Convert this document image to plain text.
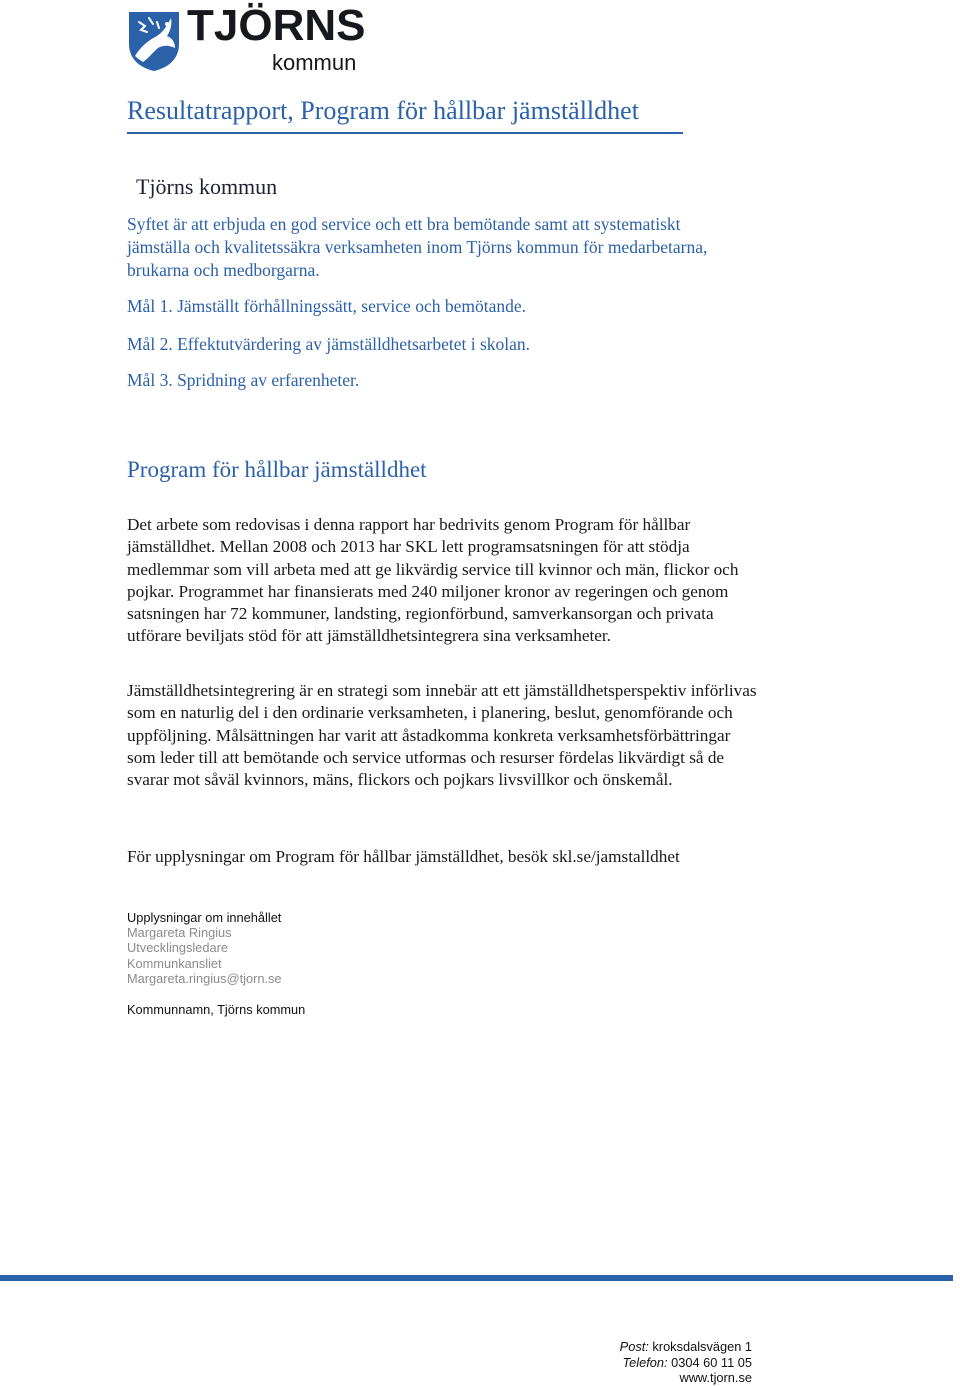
TJÖRNS
kommun
Resultatrapport, Program för hållbar jämställdhet
Tjörns kommun

Syftet är att erbjuda en god service och ett bra bemötande samt att systematiskt jämställa och kvalitetssäkra verksamheten inom Tjörns kommun för medarbetarna, brukarna och medborgarna.

Mål 1. Jämställt förhållningssätt, service och bemötande.
Mål 2. Effektutvärdering av jämställdhetsarbetet i skolan.
Mål 3. Spridning av erfarenheter.
Program för hållbar jämställdhet

Det arbete som redovisas i denna rapport har bedrivits genom Program för hållbar jämställdhet. Mellan 2008 och 2013 har SKL lett programsatsningen för att stödja medlemmar som vill arbeta med att ge likvärdig service till kvinnor och män, flickor och pojkar. Programmet har finansierats med 240 miljoner kronor av regeringen och genom satsningen har 72 kommuner, landsting, regionförbund, samverkansorgan och privata utförare beviljats stöd för att jämställdhetsintegrera sina verksamheter.

Jämställdhetsintegrering är en strategi som innebär att ett jämställdhetsperspektiv införlivas som en naturlig del i den ordinarie verksamheten, i planering, beslut, genomförande och uppföljning. Målsättningen har varit att åstadkomma konkreta verksamhetsförbättringar som leder till att bemötande och service utformas och resurser fördelas likvärdigt så de svarar mot såväl kvinnors, mäns, flickors och pojkars livsvillkor och önskemål.

För upplysningar om Program för hållbar jämställdhet, besök skl.se/jamstalldhet

Upplysningar om innehållet
Margareta Ringius
Utvecklingsledare
Kommunkansliet
Margareta.ringius@tjorn.se
Kommunnamn, Tjörns kommun
Post: kroksdalsvägen 1
Telefon: 0304 60 11 05
www.tjorn.se
